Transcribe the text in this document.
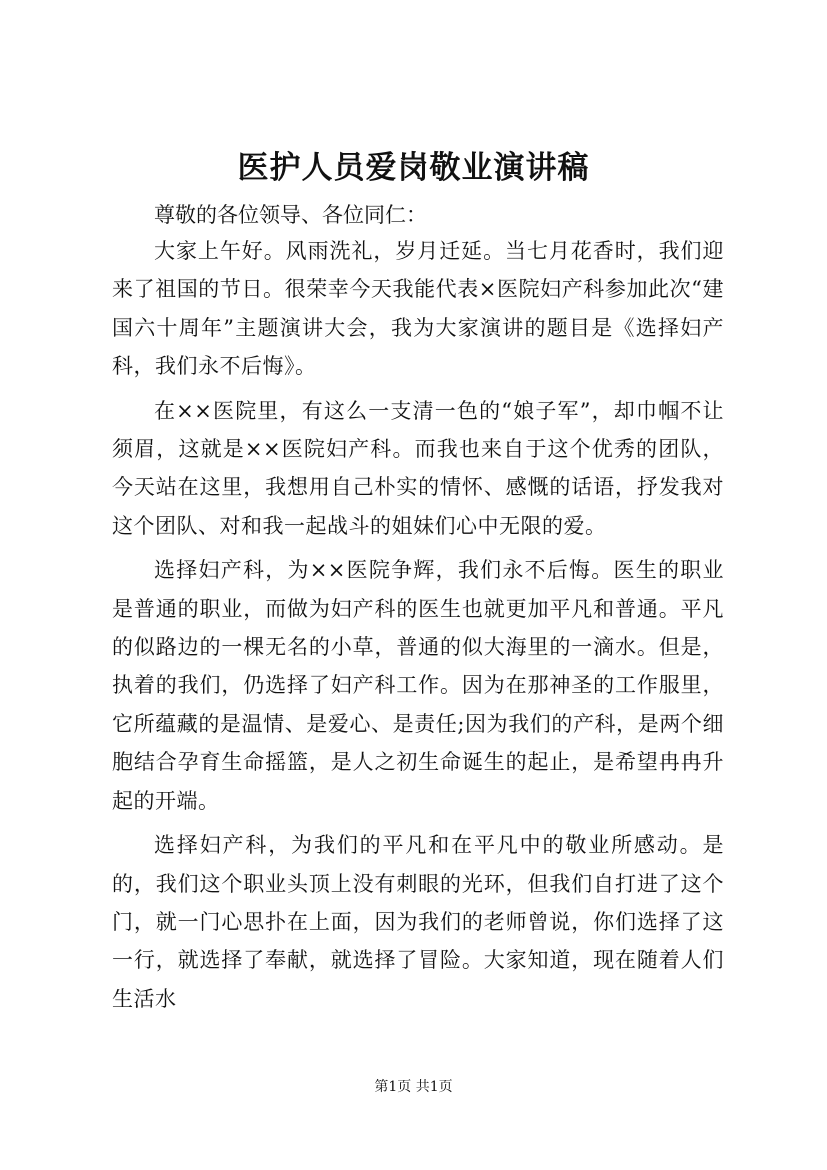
医护人员爱岗敬业演讲稿

尊敬的各位领导、各位同仁：

大家上午好。风雨洗礼，岁月迁延。当七月花香时，我们迎来了祖国的节日。很荣幸今天我能代表×医院妇产科参加此次“建国六十周年”主题演讲大会，我为大家演讲的题目是《选择妇产科，我们永不后悔》。

在××医院里，有这么一支清一色的“娘子军”，却巾帼不让须眉，这就是××医院妇产科。而我也来自于这个优秀的团队，今天站在这里，我想用自己朴实的情怀、感慨的话语，抒发我对这个团队、对和我一起战斗的姐妹们心中无限的爱。

选择妇产科，为××医院争辉，我们永不后悔。医生的职业是普通的职业，而做为妇产科的医生也就更加平凡和普通。平凡的似路边的一棵无名的小草，普通的似大海里的一滴水。但是，执着的我们，仍选择了妇产科工作。因为在那神圣的工作服里，它所蕴藏的是温情、是爱心、是责任;因为我们的产科，是两个细胞结合孕育生命摇篮，是人之初生命诞生的起止，是希望冉冉升起的开端。

选择妇产科，为我们的平凡和在平凡中的敬业所感动。是的，我们这个职业头顶上没有刺眼的光环，但我们自打进了这个门，就一门心思扑在上面，因为我们的老师曾说，你们选择了这一行，就选择了奉献，就选择了冒险。大家知道，现在随着人们生活水

第1页 共1页
